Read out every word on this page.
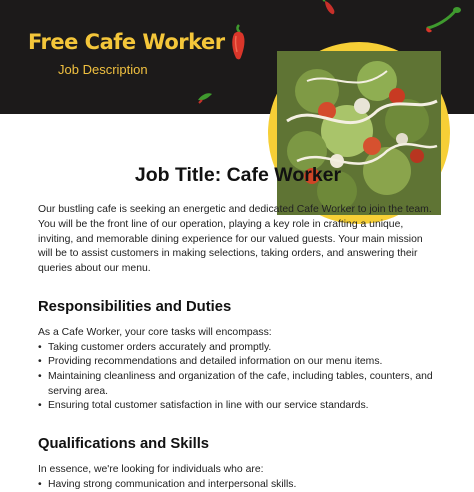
Free Cafe Worker
Job Description
Job Title: Cafe Worker

Our bustling cafe is seeking an energetic and dedicated Cafe Worker to join the team. You will be the front line of our operation, playing a key role in crafting a unique, inviting, and memorable dining experience for our valued guests. Your main mission will be to assist customers in making selections, taking orders, and answering their queries about our menu.

Responsibilities and Duties

As a Cafe Worker, your core tasks will encompass:

• Taking customer orders accurately and promptly.
• Providing recommendations and detailed information on our menu items.
• Maintaining cleanliness and organization of the cafe, including tables, counters, and serving area.
• Ensuring total customer satisfaction in line with our service standards.
Qualifications and Skills

In essence, we're looking for individuals who are:

• Having strong communication and interpersonal skills.
